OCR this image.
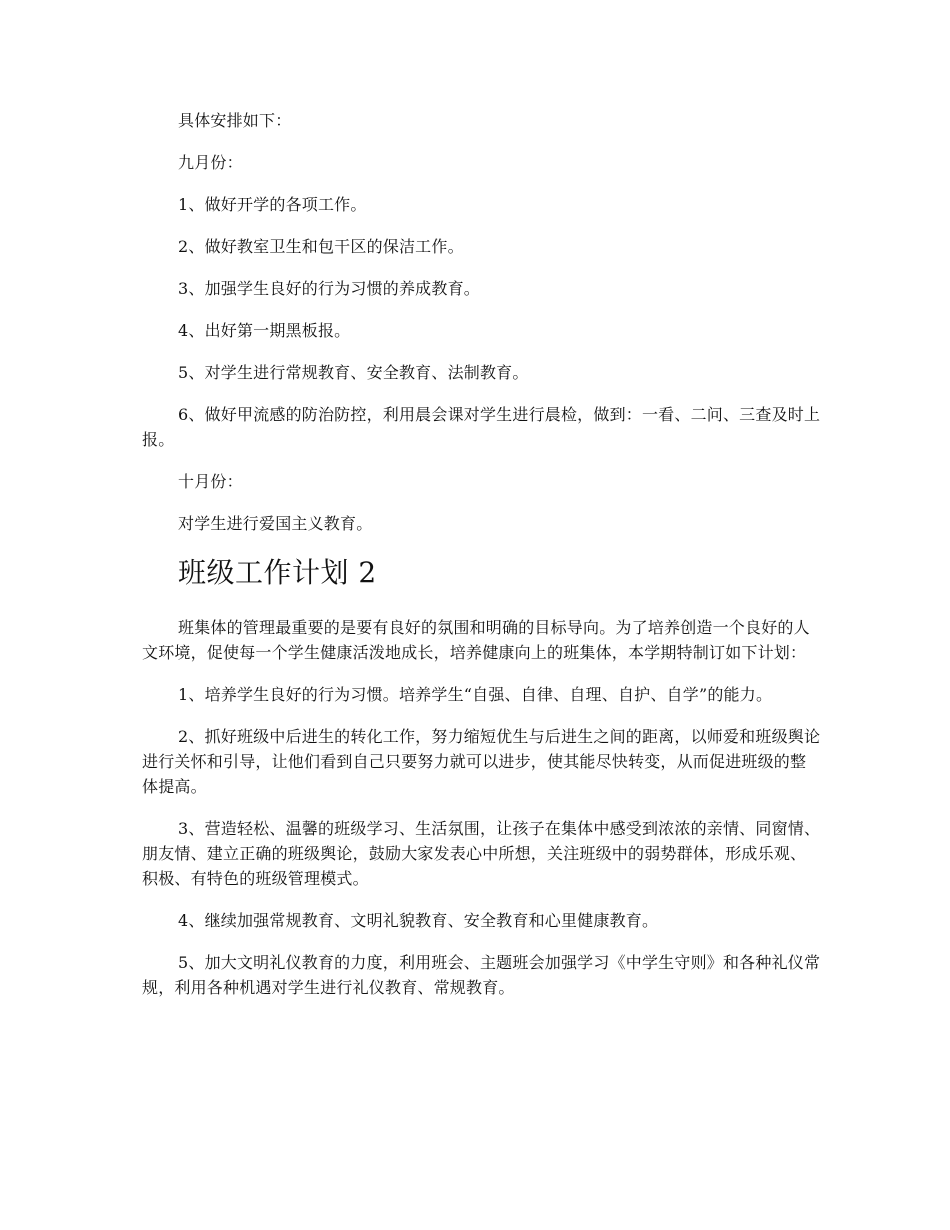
具体安排如下：

九月份：

1、做好开学的各项工作。

2、做好教室卫生和包干区的保洁工作。

3、加强学生良好的行为习惯的养成教育。

4、出好第一期黑板报。

5、对学生进行常规教育、安全教育、法制教育。

6、做好甲流感的防治防控，利用晨会课对学生进行晨检，做到：一看、二问、三查及时上报。

十月份：

对学生进行爱国主义教育。

班级工作计划 2

班集体的管理最重要的是要有良好的氛围和明确的目标导向。为了培养创造一个良好的人文环境，促使每一个学生健康活泼地成长，培养健康向上的班集体，本学期特制订如下计划：

1、培养学生良好的行为习惯。培养学生“自强、自律、自理、自护、自学”的能力。

2、抓好班级中后进生的转化工作，努力缩短优生与后进生之间的距离，以师爱和班级舆论进行关怀和引导，让他们看到自己只要努力就可以进步，使其能尽快转变，从而促进班级的整体提高。

3、营造轻松、温馨的班级学习、生活氛围，让孩子在集体中感受到浓浓的亲情、同窗情、朋友情、建立正确的班级舆论，鼓励大家发表心中所想，关注班级中的弱势群体，形成乐观、积极、有特色的班级管理模式。

4、继续加强常规教育、文明礼貌教育、安全教育和心里健康教育。

5、加大文明礼仪教育的力度，利用班会、主题班会加强学习《中学生守则》和各种礼仪常规，利用各种机遇对学生进行礼仪教育、常规教育。
